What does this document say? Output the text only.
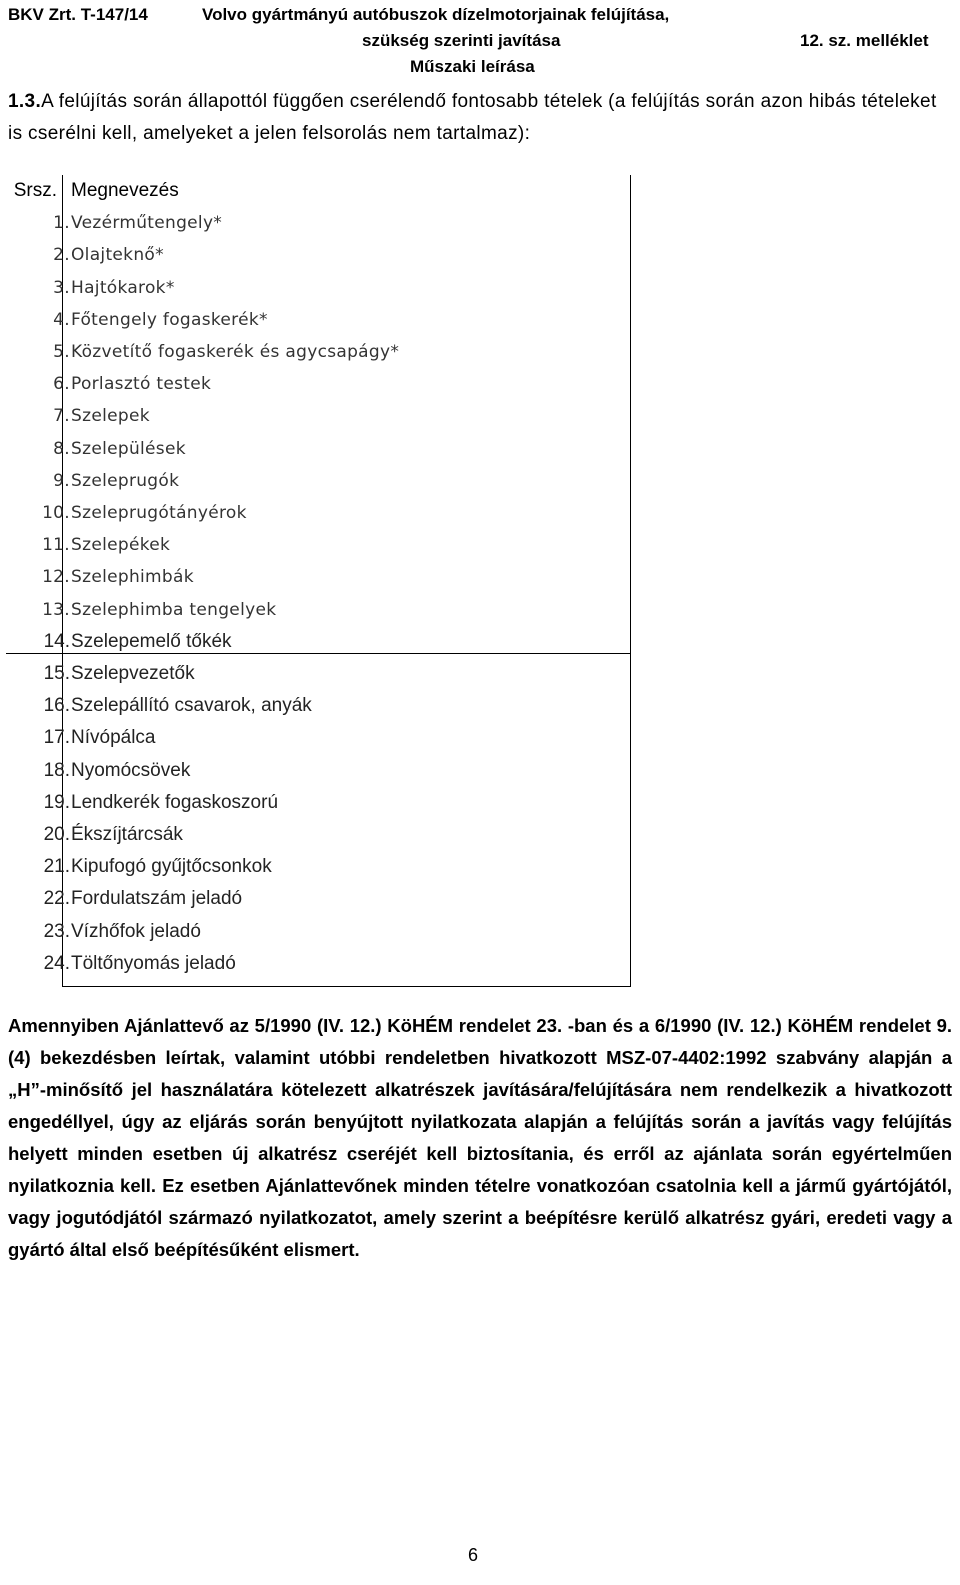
BKV Zrt. T-147/14	Volvo gyártmányú autóbuszok dízelmotorjainak felújítása,
szükség szerinti javítása	12. sz. melléklet
Műszaki leírása
1.3.A felújítás során állapottól függően cserélendő fontosabb tételek (a felújítás során azon hibás tételeket is cserélni kell, amelyeket a jelen felsorolás nem tartalmaz):
Srsz. Megnevezés
1. Vezérműtengely*
2. Olajteknő*
3. Hajtókarok*
4. Főtengely fogaskerék*
5. Közvetítő fogaskerék és agycsapágy*
6. Porlasztó testek
7. Szelepek
8. Szelepülések
9. Szeleprugók
10. Szeleprugótányérok
11. Szelepékek
12. Szelephimbák
13. Szelephimba tengelyek
14. Szelepemelő tőkék
15. Szelepvezetők
16. Szelepállító csavarok, anyák
17. Nívópálca
18. Nyomócsövek
19. Lendkerék fogaskoszorú
20. Ékszíjtárcsák
21. Kipufogó gyűjtőcsonkok
22. Fordulatszám jeladó
23. Vízhőfok jeladó
24. Töltőnyomás jeladó
Amennyiben Ajánlattevő az 5/1990 (IV. 12.) KöHÉM rendelet 23. -ban és a 6/1990 (IV. 12.) KöHÉM rendelet 9. (4) bekezdésben leírtak, valamint utóbbi rendeletben hivatkozott MSZ-07-4402:1992 szabvány alapján a „H”-minősítő jel használatára kötelezett alkatrészek javítására/felújítására nem rendelkezik a hivatkozott engedéllyel, úgy az eljárás során benyújtott nyilatkozata alapján a felújítás során a javítás vagy felújítás helyett minden esetben új alkatrész cseréjét kell biztosítania, és erről az ajánlata során egyértelműen nyilatkoznia kell. Ez esetben Ajánlattevőnek minden tételre vonatkozóan csatolnia kell a jármű gyártójától, vagy jogutódjától származó nyilatkozatot, amely szerint a beépítésre kerülő alkatrész gyári, eredeti vagy a gyártó által első beépítésűként elismert.
6
